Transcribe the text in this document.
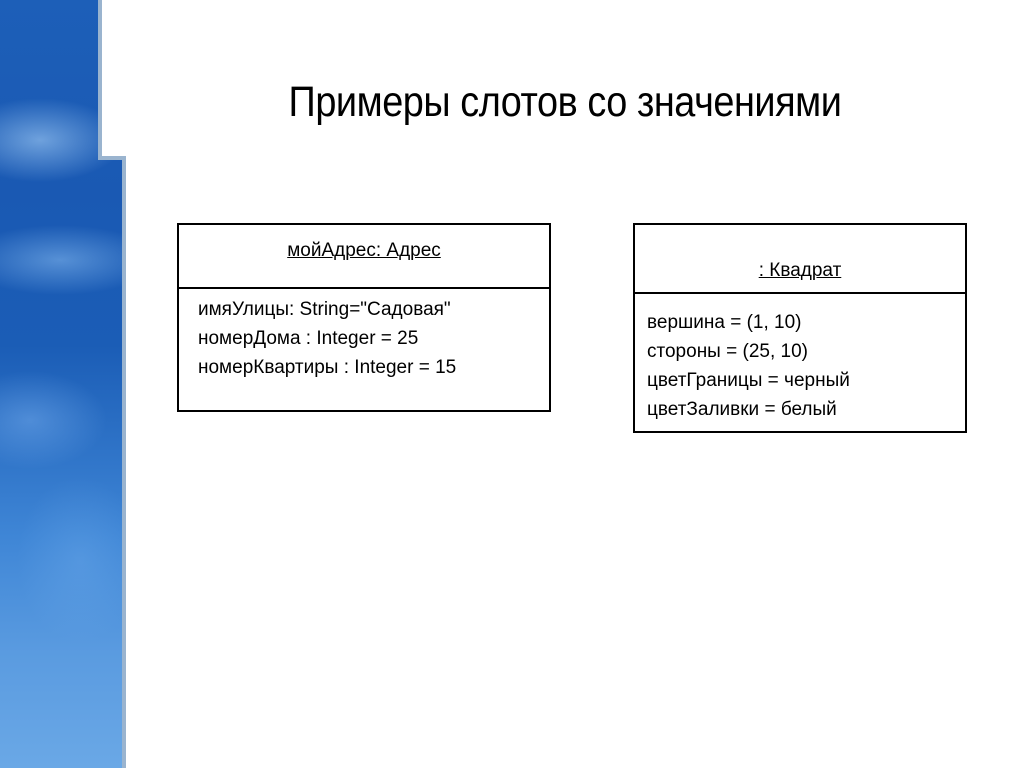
Примеры слотов со значениями
мойАдрес: Адрес
имяУлицы: String="Садовая"
номерДома : Integer = 25
номерКвартиры : Integer = 15
: Квадрат
вершина = (1, 10)
стороны = (25, 10)
цветГраницы = черный
цветЗаливки = белый
